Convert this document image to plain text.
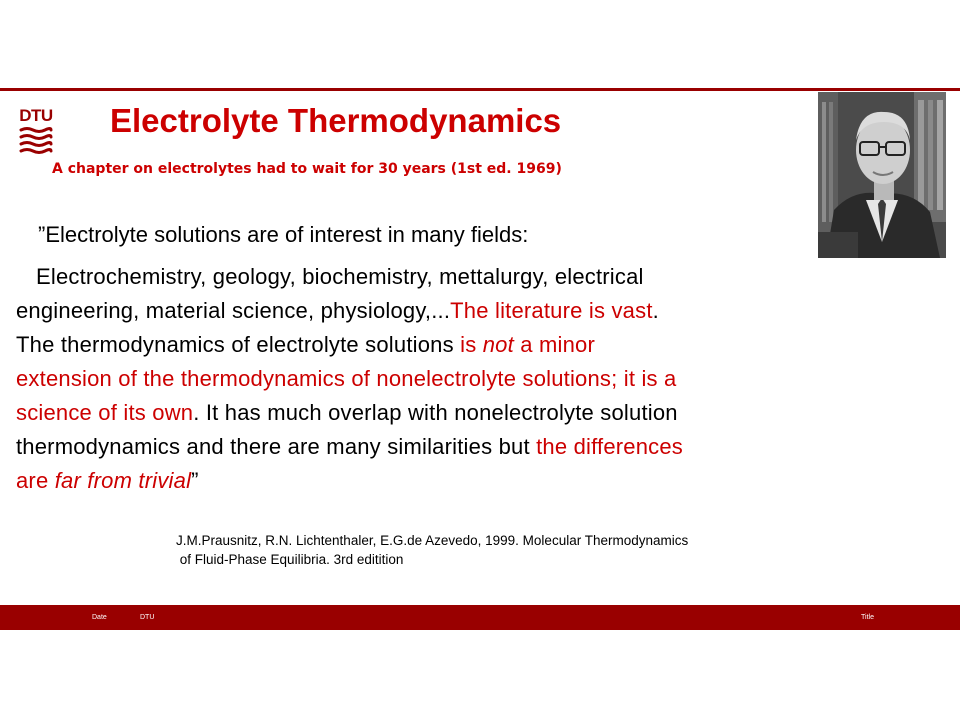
DTU Electrolyte Thermodynamics
A chapter on electrolytes had to wait for 30 years (1st ed. 1969)
”Electrolyte solutions are of interest in many fields:
Electrochemistry, geology, biochemistry, mettalurgy, electrical
engineering, material science, physiology,...The literature is vast.
The thermodynamics of electrolyte solutions is not a minor
extension of the thermodynamics of nonelectrolyte solutions; it is a
science of its own. It has much overlap with nonelectrolyte solution
thermodynamics and there are many similarities but the differences
are far from trivial”
J.M.Prausnitz, R.N. Lichtenthaler, E.G.de Azevedo, 1999. Molecular Thermodynamics
of Fluid-Phase Equilibria. 3rd editition
Date	DTU	Title
